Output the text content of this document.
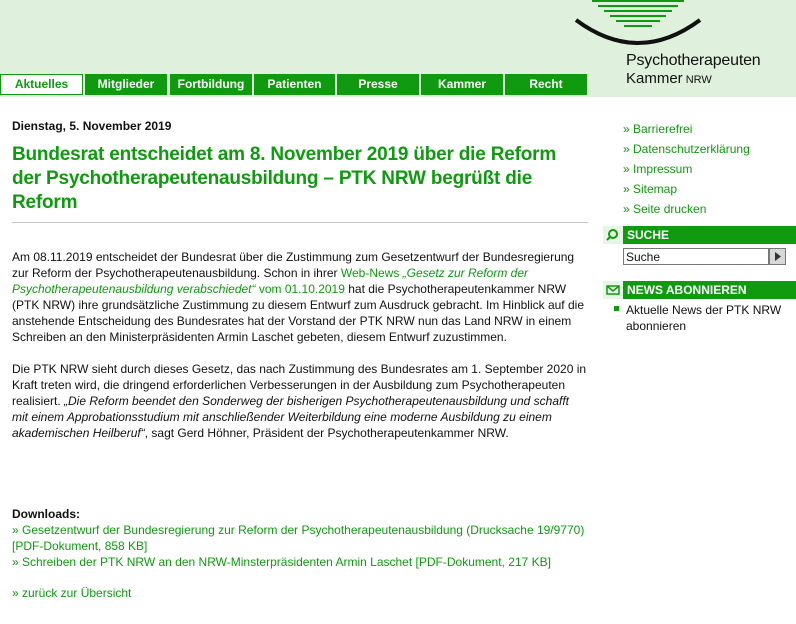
Psychotherapeuten
Kammer NRW
Aktuelles	Mitglieder	Fortbildung	Patienten	Presse	Kammer	Recht
Dienstag, 5. November 2019
Bundesrat entscheidet am 8. November 2019 über die Reform der Psychotherapeutenausbildung – PTK NRW begrüßt die Reform

Am 08.11.2019 entscheidet der Bundesrat über die Zustimmung zum Gesetzentwurf der Bundesregierung zur Reform der Psychotherapeutenausbildung. Schon in ihrer Web-News „Gesetz zur Reform der Psychotherapeutenausbildung verabschiedet“ vom 01.10.2019 hat die Psychotherapeutenkammer NRW (PTK NRW) ihre grundsätzliche Zustimmung zu diesem Entwurf zum Ausdruck gebracht. Im Hinblick auf die anstehende Entscheidung des Bundesrates hat der Vorstand der PTK NRW nun das Land NRW in einem Schreiben an den Ministerpräsidenten Armin Laschet gebeten, diesem Entwurf zuzustimmen.

Die PTK NRW sieht durch dieses Gesetz, das nach Zustimmung des Bundesrates am 1. September 2020 in Kraft treten wird, die dringend erforderlichen Verbesserungen in der Ausbildung zum Psychotherapeuten realisiert. „Die Reform beendet den Sonderweg der bisherigen Psychotherapeutenausbildung und schafft mit einem Approbationsstudium mit anschließender Weiterbildung eine moderne Ausbildung zu einem akademischen Heilberuf“, sagt Gerd Höhner, Präsident der Psychotherapeutenkammer NRW.

Downloads:
» Gesetzentwurf der Bundesregierung zur Reform der Psychotherapeutenausbildung (Drucksache 19/9770) [PDF-Dokument, 858 KB]
» Schreiben der PTK NRW an den NRW-Minsterpräsidenten Armin Laschet [PDF-Dokument, 217 KB]
» zurück zur Übersicht
» Barrierefrei
» Datenschutzerklärung
» Impressum
» Sitemap
» Seite drucken
SUCHE
Suche
NEWS ABONNIEREN
Aktuelle News der PTK NRW abonnieren
